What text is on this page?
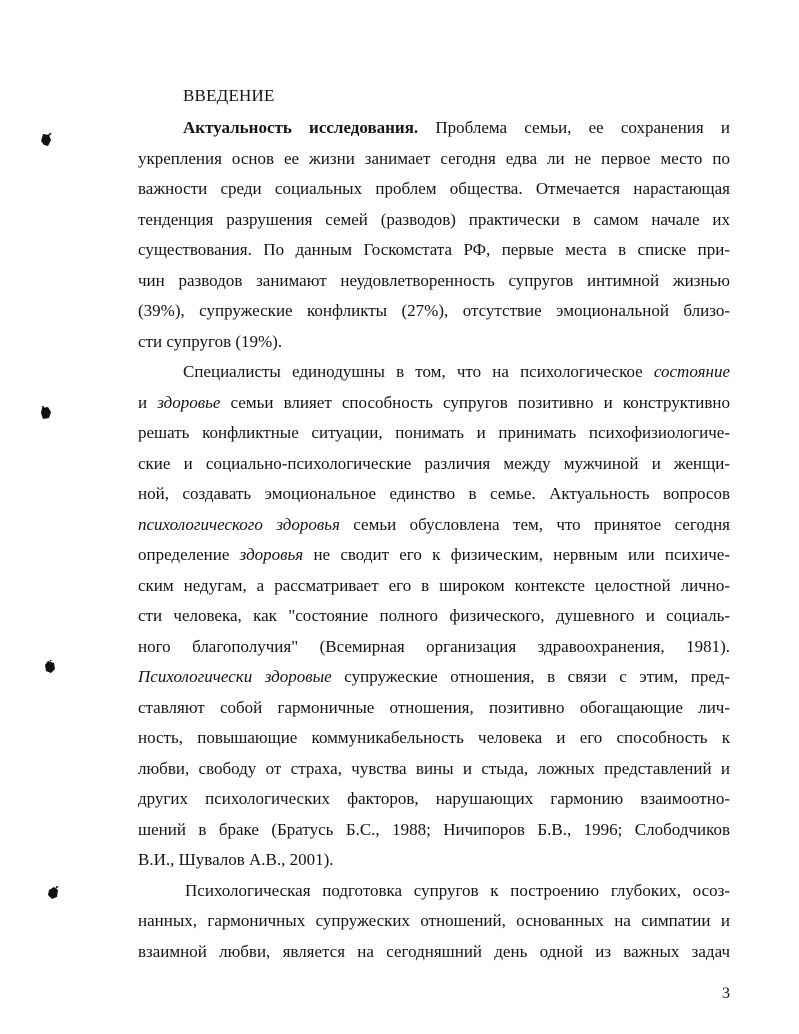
ВВЕДЕНИЕ
Актуальность исследования. Проблема семьи, ее сохранения и
укрепления основ ее жизни занимает сегодня едва ли не первое место по
важности среди социальных проблем общества. Отмечается нарастающая
тенденция разрушения семей (разводов) практически в самом начале их
существования. По данным Госкомстата РФ, первые места в списке при-
чин разводов занимают неудовлетворенность супругов интимной жизнью
(39%), супружеские конфликты (27%), отсутствие эмоциональной близо-
сти супругов (19%).
Специалисты единодушны в том, что на психологическое состояние
и здоровье семьи влияет способность супругов позитивно и конструктивно
решать конфликтные ситуации, понимать и принимать психофизиологиче-
ские и социально-психологические различия между мужчиной и женщи-
ной, создавать эмоциональное единство в семье. Актуальность вопросов
психологического здоровья семьи обусловлена тем, что принятое сегодня
определение здоровья не сводит его к физическим, нервным или психиче-
ским недугам, а рассматривает его в широком контексте целостной лично-
сти человека, как "состояние полного физического, душевного и социаль-
ного благополучия" (Всемирная организация здравоохранения, 1981).
Психологически здоровые супружеские отношения, в связи с этим, пред-
ставляют собой гармоничные отношения, позитивно обогащающие лич-
ность, повышающие коммуникабельность человека и его способность к
любви, свободу от страха, чувства вины и стыда, ложных представлений и
других психологических факторов, нарушающих гармонию взаимоотно-
шений в браке (Братусь Б.С., 1988; Ничипоров Б.В., 1996; Слободчиков
В.И., Шувалов А.В., 2001).
Психологическая подготовка супругов к построению глубоких, осоз-
нанных, гармоничных супружеских отношений, основанных на симпатии и
взаимной любви, является на сегодняшний день одной из важных задач
3
